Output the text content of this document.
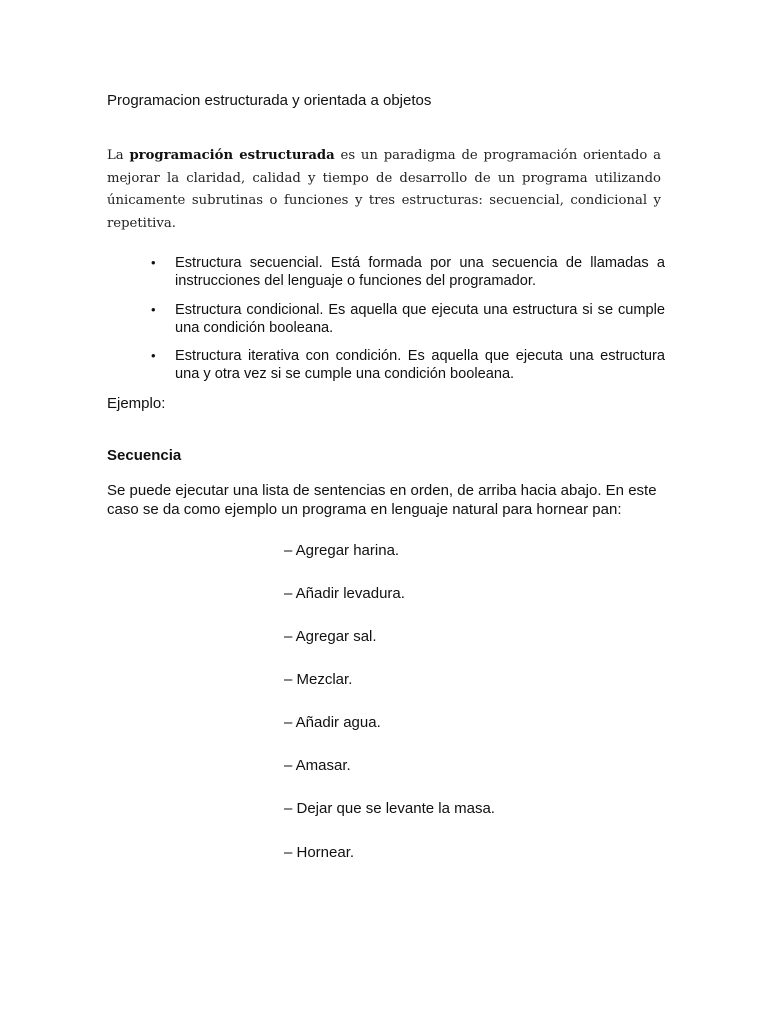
Programacion estructurada y orientada a objetos

La programación estructurada es un paradigma de programación orientado a mejorar la claridad, calidad y tiempo de desarrollo de un programa utilizando únicamente subrutinas o funciones y tres estructuras: secuencial, condicional y repetitiva.

• Estructura secuencial. Está formada por una secuencia de llamadas a instrucciones del lenguaje o funciones del programador.
• Estructura condicional. Es aquella que ejecuta una estructura si se cumple una condición booleana.
• Estructura iterativa con condición. Es aquella que ejecuta una estructura una y otra vez si se cumple una condición booleana.
Ejemplo:
Secuencia
Se puede ejecutar una lista de sentencias en orden, de arriba hacia abajo. En este caso se da como ejemplo un programa en lenguaje natural para hornear pan:
– Agregar harina.
– Añadir levadura.
– Agregar sal.
– Mezclar.
– Añadir agua.
– Amasar.
– Dejar que se levante la masa.
– Hornear.
